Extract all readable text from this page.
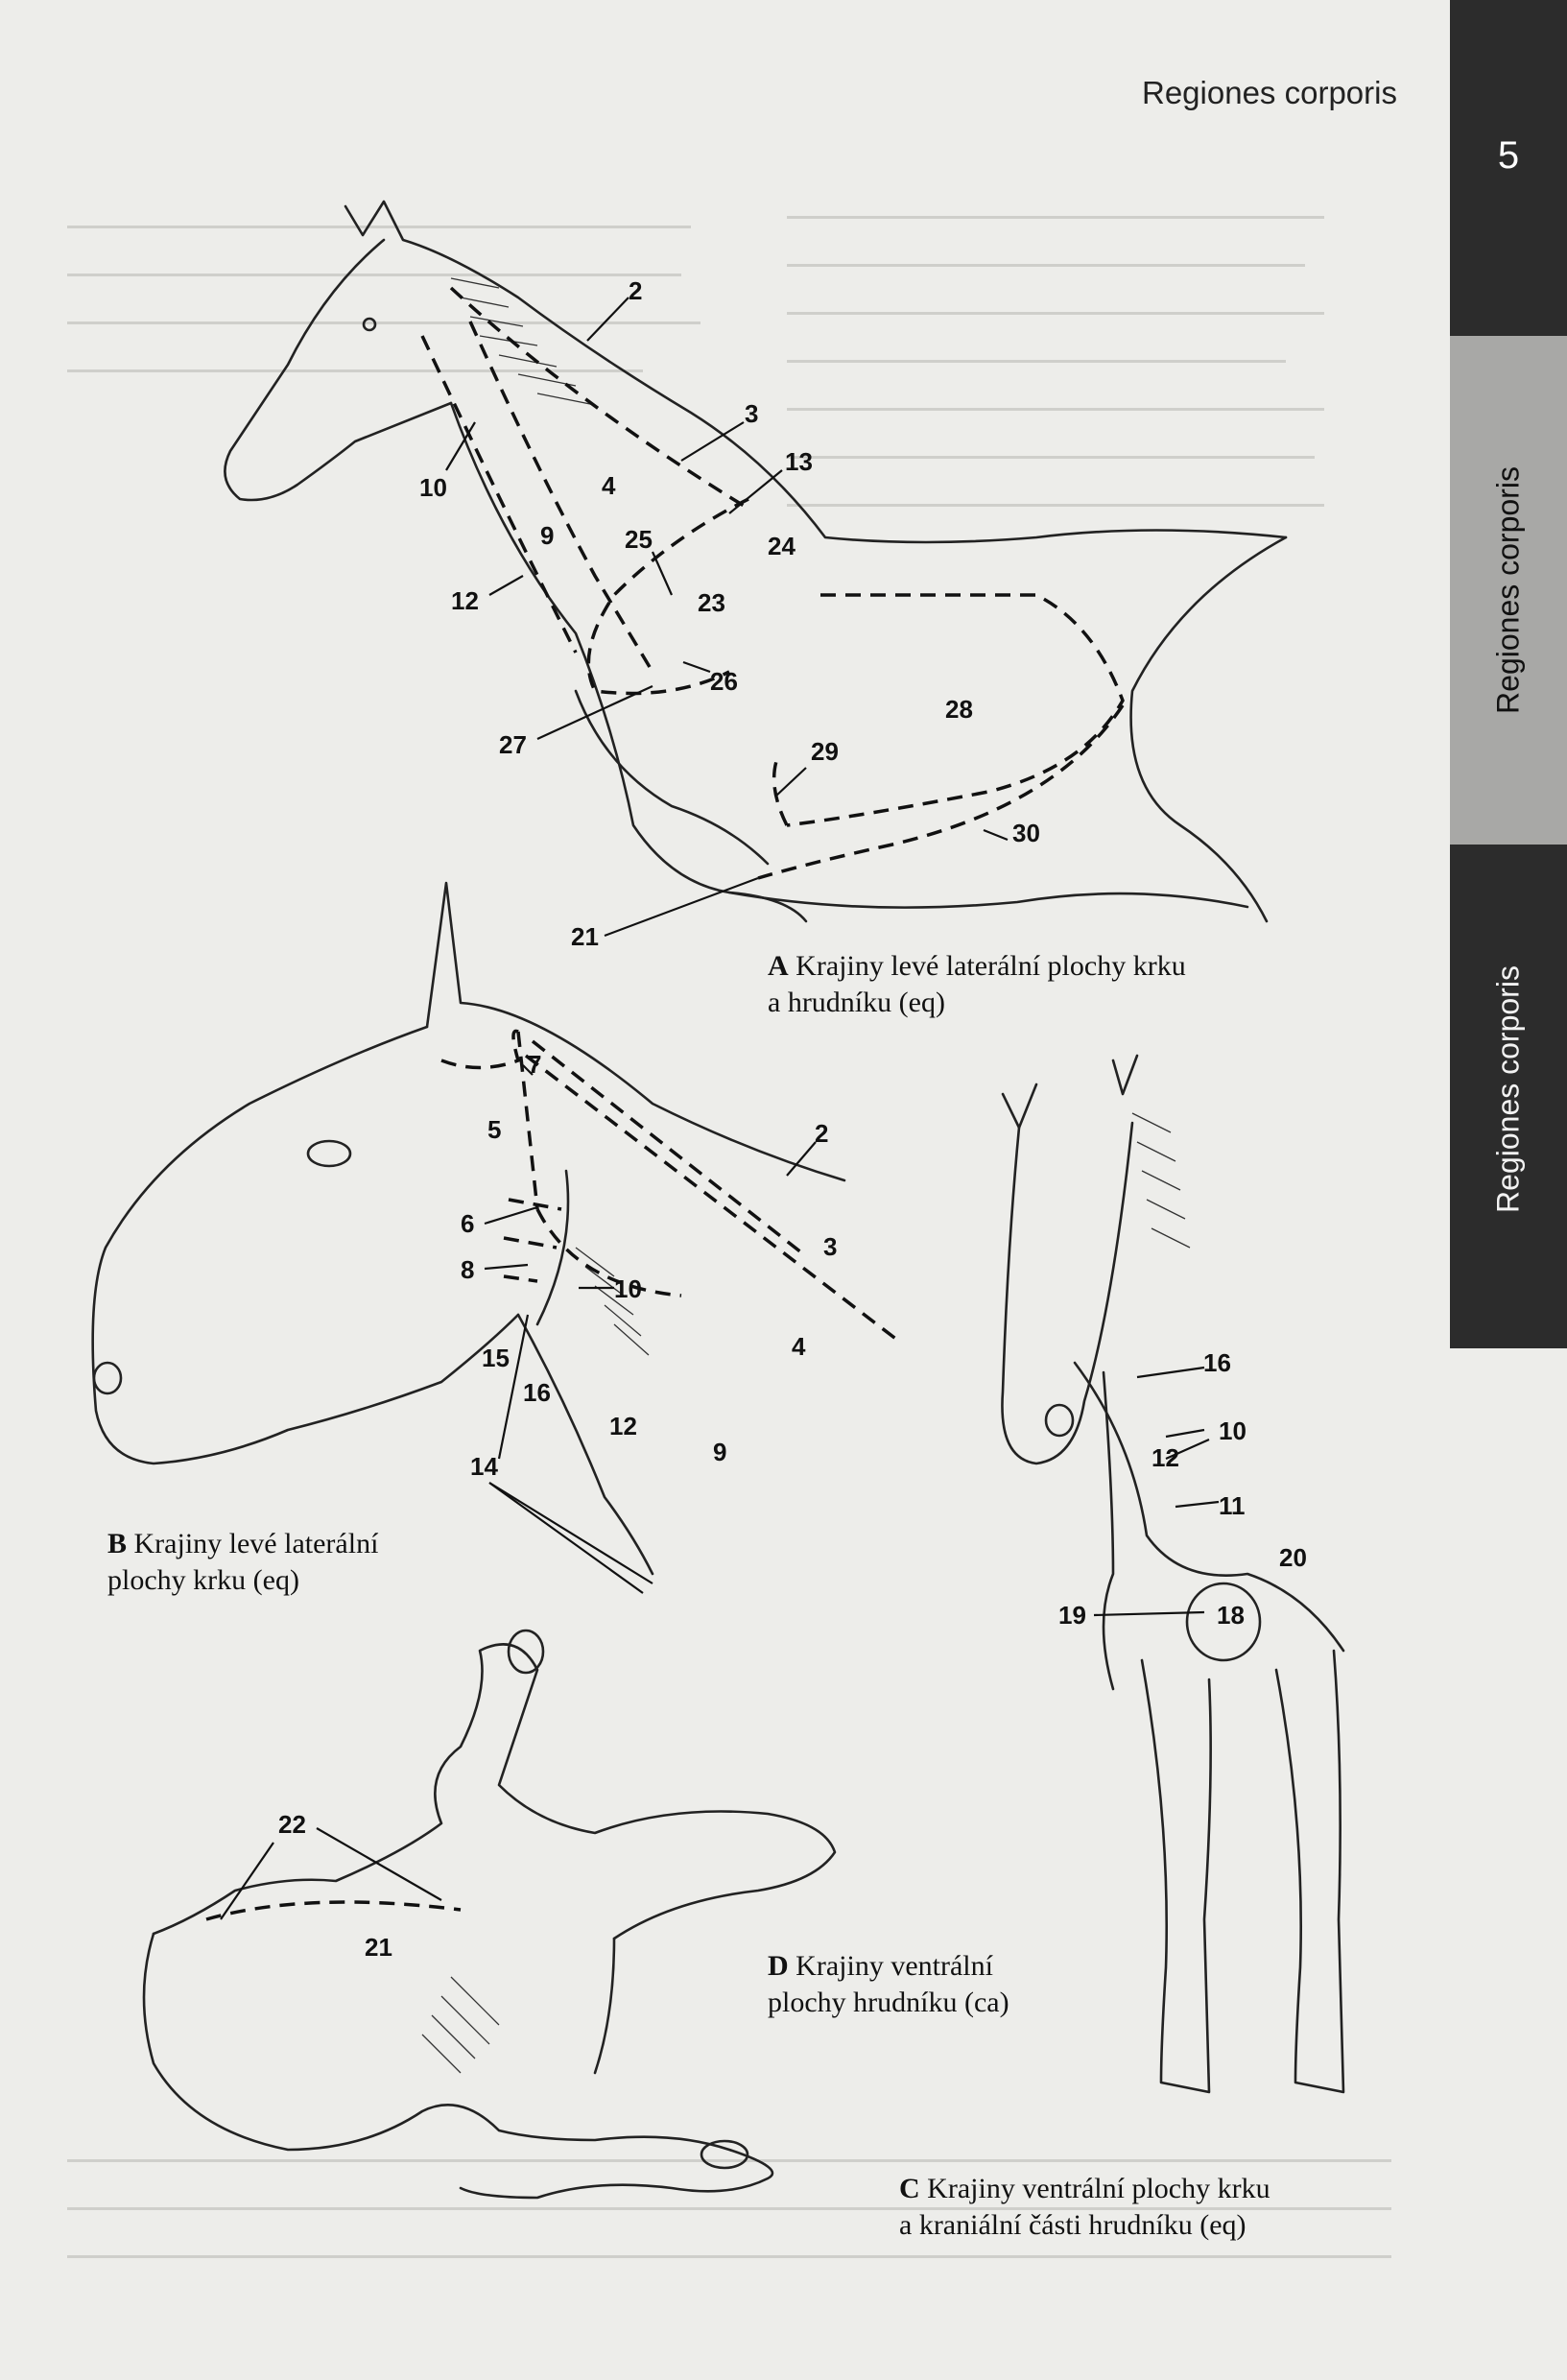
Regiones corporis
5
Regiones corporis
Regiones corporis
2
3
4
9
10
12
13
24
25
23
26
27
28
29
30
21
7
5	2
6
8
10
3
15
16
12
4
14	9
16
10
12
11
20
19	18
22
21
A Krajiny levé laterální plochy krku
a hrudníku (eq)
B Krajiny levé laterální
plochy krku (eq)
C Krajiny ventrální plochy krku
a kraniální části hrudníku (eq)
D Krajiny ventrální
plochy hrudníku (ca)
